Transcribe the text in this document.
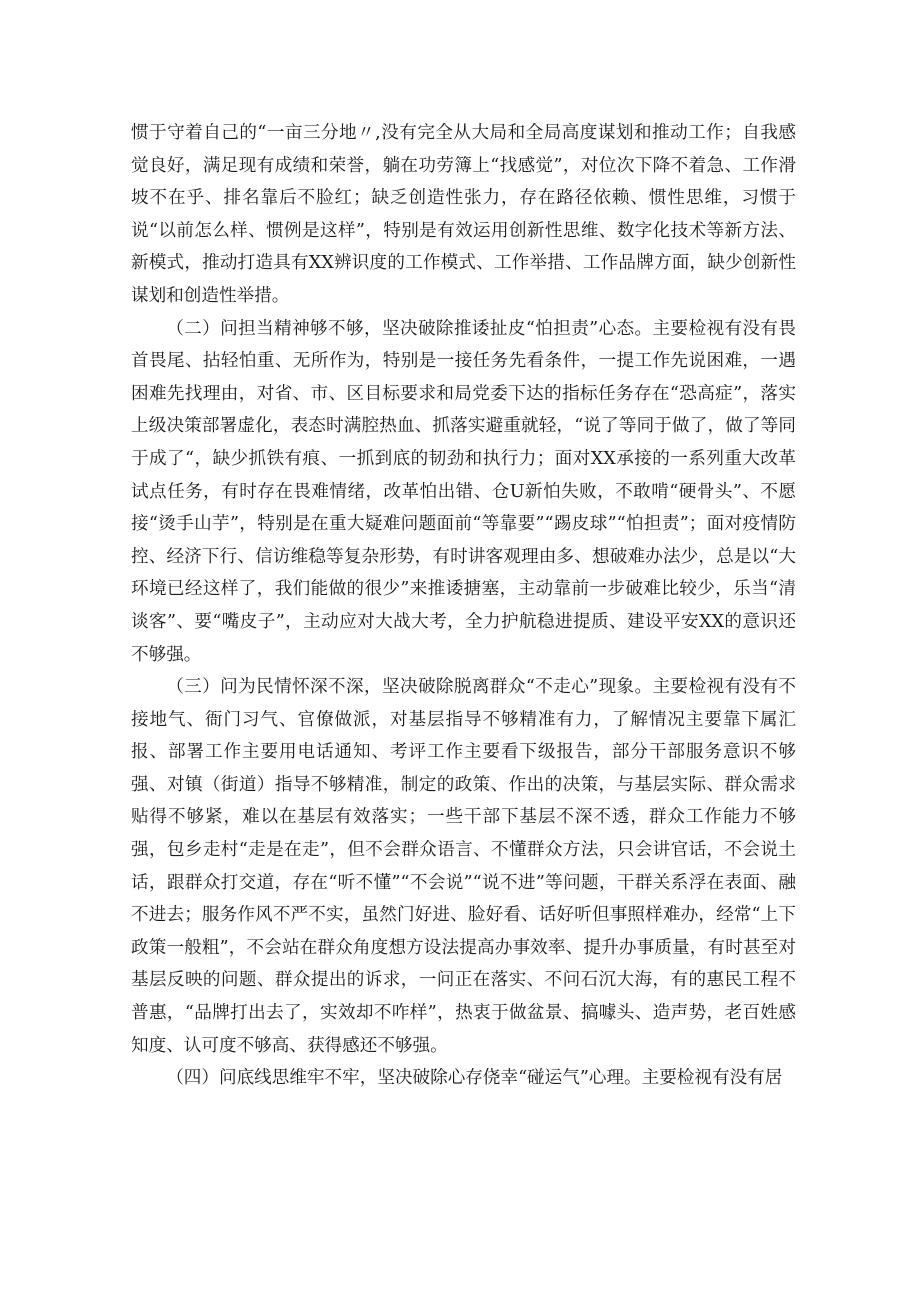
惯于守着自己的“一亩三分地〃,没有完全从大局和全局高度谋划和推动工作；自我感觉良好，满足现有成绩和荣誉，躺在功劳簿上“找感觉”，对位次下降不着急、工作滑坡不在乎、排名靠后不脸红；缺乏创造性张力，存在路径依赖、惯性思维，习惯于说“以前怎么样、惯例是这样”，特别是有效运用创新性思维、数字化技术等新方法、新模式，推动打造具有XX辨识度的工作模式、工作举措、工作品牌方面，缺少创新性谋划和创造性举措。

（二）问担当精神够不够，坚决破除推诿扯皮“怕担责”心态。主要检视有没有畏首畏尾、拈轻怕重、无所作为，特别是一接任务先看条件，一提工作先说困难，一遇困难先找理由，对省、市、区目标要求和局党委下达的指标任务存在“恐高症”，落实上级决策部署虚化，表态时满腔热血、抓落实避重就轻，“说了等同于做了，做了等同于成了“，缺少抓铁有痕、一抓到底的韧劲和执行力；面对XX承接的一系列重大改革试点任务，有时存在畏难情绪，改革怕出错、仓U新怕失败，不敢啃“硬骨头”、不愿接“烫手山芋”，特别是在重大疑难问题面前“等靠要”“踢皮球”“怕担责”；面对疫情防控、经济下行、信访维稳等复杂形势，有时讲客观理由多、想破难办法少，总是以“大环境已经这样了，我们能做的很少”来推诿搪塞，主动靠前一步破难比较少，乐当“清谈客”、要“嘴皮子”，主动应对大战大考，全力护航稳进提质、建设平安XX的意识还不够强。

（三）问为民情怀深不深，坚决破除脱离群众“不走心”现象。主要检视有没有不接地气、衙门习气、官僚做派，对基层指导不够精准有力，了解情况主要靠下属汇报、部署工作主要用电话通知、考评工作主要看下级报告，部分干部服务意识不够强、对镇（街道）指导不够精准，制定的政策、作出的决策，与基层实际、群众需求贴得不够紧，难以在基层有效落实；一些干部下基层不深不透，群众工作能力不够强，包乡走村“走是在走”，但不会群众语言、不懂群众方法，只会讲官话，不会说土话，跟群众打交道，存在“听不懂”“不会说”“说不进”等问题，干群关系浮在表面、融不进去；服务作风不严不实，虽然门好进、脸好看、话好听但事照样难办，经常“上下政策一般粗”，不会站在群众角度想方设法提高办事效率、提升办事质量，有时甚至对基层反映的问题、群众提出的诉求，一问正在落实、不问石沉大海，有的惠民工程不普惠，“品牌打出去了，实效却不咋样”，热衷于做盆景、搞噱头、造声势，老百姓感知度、认可度不够高、获得感还不够强。

（四）问底线思维牢不牢，坚决破除心存侥幸“碰运气”心理。主要检视有没有居
